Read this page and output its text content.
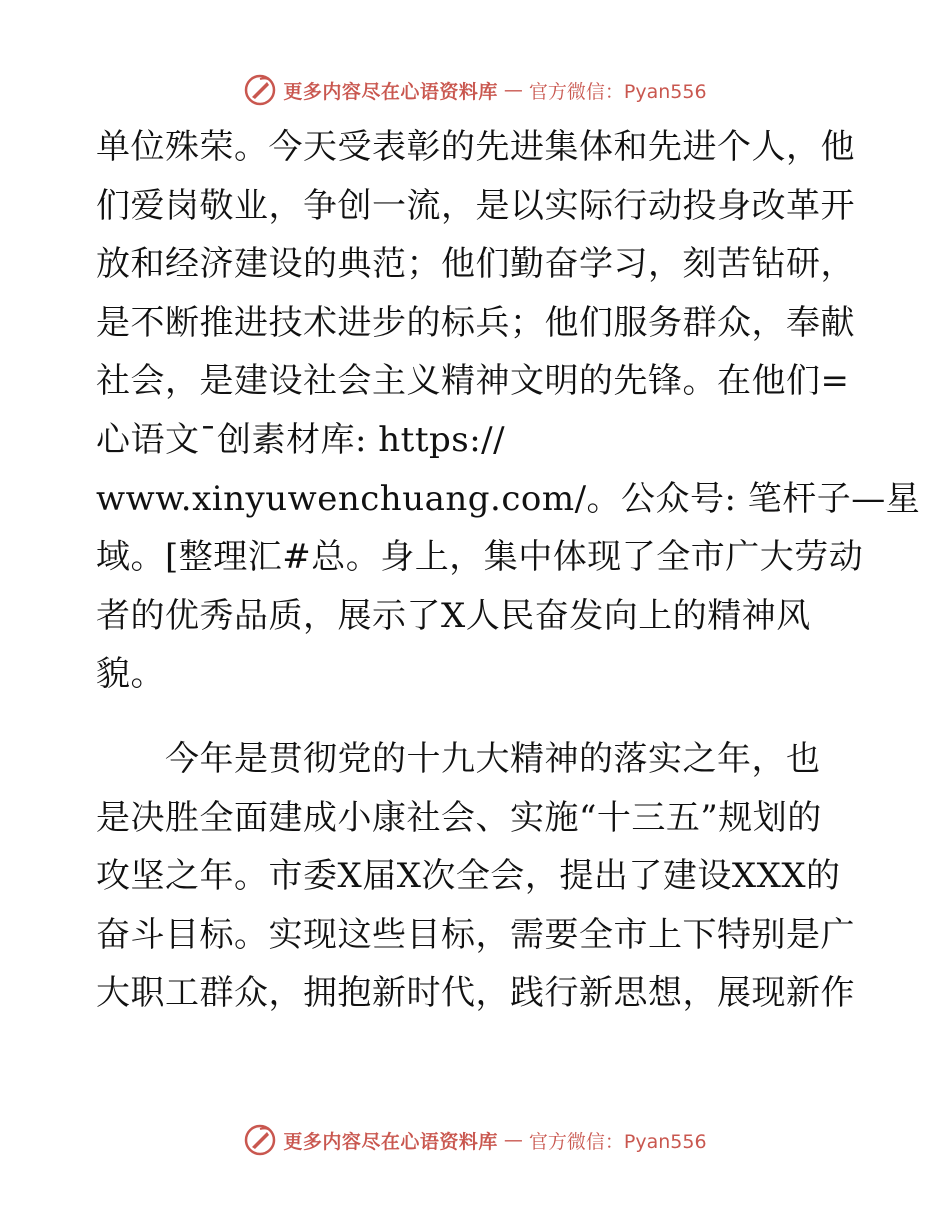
更多内容尽在心语资料库 — 官方微信：Pyan556
单位殊荣。今天受表彰的先进集体和先进个人，他
们爱岗敬业，争创一流，是以实际行动投身改革开
放和经济建设的典范；他们勤奋学习，刻苦钻研，
是不断推进技术进步的标兵；他们服务群众，奉献
社会，是建设社会主义精神文明的先锋。在他们=
心语文¯创素材库: https://
www.xinyuwenchuang.com/。公众号: 笔杆子—星
域。[整理汇#总。身上，集中体现了全市广大劳动
者的优秀品质，展示了X人民奋发向上的精神风
貌。
　　今年是贯彻党的十九大精神的落实之年，也
是决胜全面建成小康社会、实施“十三五”规划的
攻坚之年。市委X届X次全会，提出了建设XXX的
奋斗目标。实现这些目标，需要全市上下特别是广
大职工群众，拥抱新时代，践行新思想，展现新作
更多内容尽在心语资料库 — 官方微信：Pyan556
